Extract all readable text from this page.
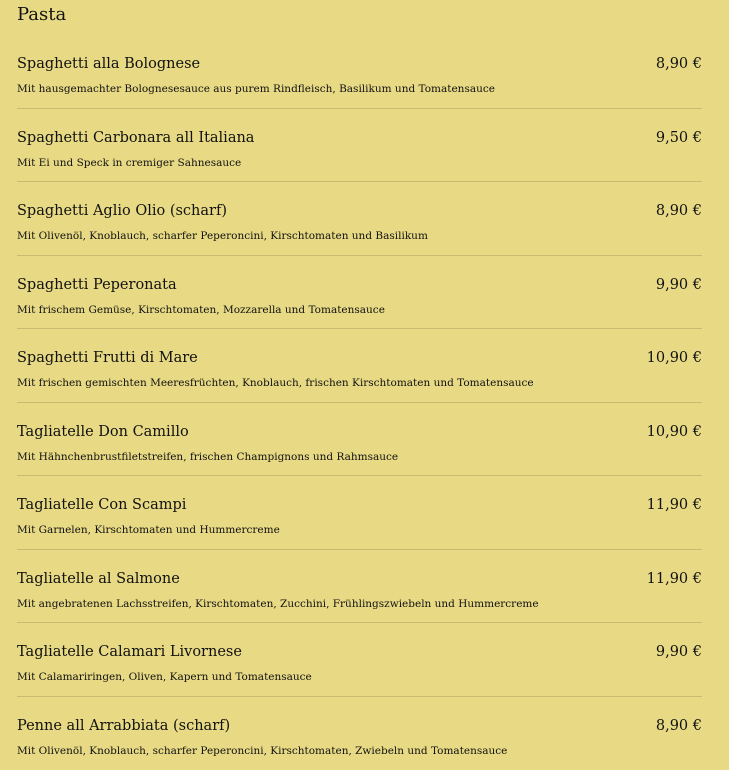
Pasta
Spaghetti alla Bolognese	8,90 €
Mit hausgemachter Bolognesesauce aus purem Rindfleisch, Basilikum und Tomatensauce
Spaghetti Carbonara all Italiana	9,50 €
Mit Ei und Speck in cremiger Sahnesauce
Spaghetti Aglio Olio (scharf)	8,90 €
Mit Olivenöl, Knoblauch, scharfer Peperoncini, Kirschtomaten und Basilikum
Spaghetti Peperonata	9,90 €
Mit frischem Gemüse, Kirschtomaten, Mozzarella und Tomatensauce
Spaghetti Frutti di Mare	10,90 €
Mit frischen gemischten Meeresfrüchten, Knoblauch, frischen Kirschtomaten und Tomatensauce
Tagliatelle Don Camillo	10,90 €
Mit Hähnchenbrustfiletstreifen, frischen Champignons und Rahmsauce
Tagliatelle Con Scampi	11,90 €
Mit Garnelen, Kirschtomaten und Hummercreme
Tagliatelle al Salmone	11,90 €
Mit angebratenen Lachsstreifen, Kirschtomaten, Zucchini, Frühlingszwiebeln und Hummercreme
Tagliatelle Calamari Livornese	9,90 €
Mit Calamariringen, Oliven, Kapern und Tomatensauce
Penne all Arrabbiata (scharf)	8,90 €
Mit Olivenöl, Knoblauch, scharfer Peperoncini, Kirschtomaten, Zwiebeln und Tomatensauce
